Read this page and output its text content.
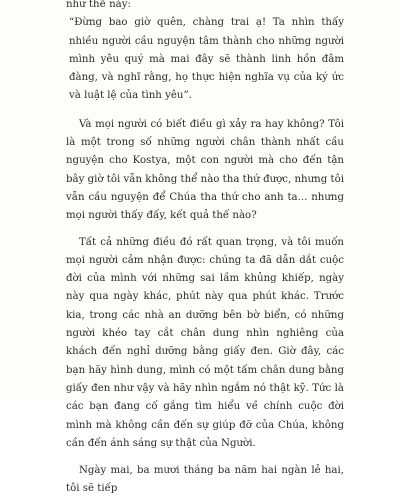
như thế này:

“Đừng bao giờ quên, chàng trai ạ! Ta nhìn thấy nhiều người cầu nguyện tâm thành cho những người mình yêu quý mà mai đây sẽ thành linh hồn đâm đàng, và nghĩ rằng, họ thực hiện nghĩa vụ của ký ức và luật lệ của tình yêu”.

Và mọi người có biết điều gì xảy ra hay không? Tôi là một trong số những người chân thành nhất cầu nguyện cho Kostya, một con người mà cho đến tận bây giờ tôi vẫn không thể nào tha thứ được, nhưng tôi vẫn cầu nguyện để Chúa tha thứ cho anh ta... nhưng mọi người thấy đấy, kết quả thế nào?

Tất cả những điều đó rất quan trọng, và tôi muốn mọi người cảm nhận được: chúng ta đã dẫn dắt cuộc đời của mình với những sai lầm khủng khiếp, ngày này qua ngày khác, phút này qua phút khác. Trước kia, trong các nhà an dưỡng bên bờ biển, có những người khéo tay cắt chân dung nhìn nghiêng của khách đến nghỉ dưỡng bằng giấy đen. Giờ đây, các bạn hãy hình dung, mình có một tấm chân dung bằng giấy đen như vậy và hãy nhìn ngắm nó thật kỹ. Tức là các bạn đang cố gắng tìm hiểu về chính cuộc đời mình mà không cần đến sự giúp đỡ của Chúa, không cần đến ánh sáng sự thật của Người.

Ngày mai, ba mươi tháng ba năm hai ngàn lẻ hai, tôi sẽ tiếp
